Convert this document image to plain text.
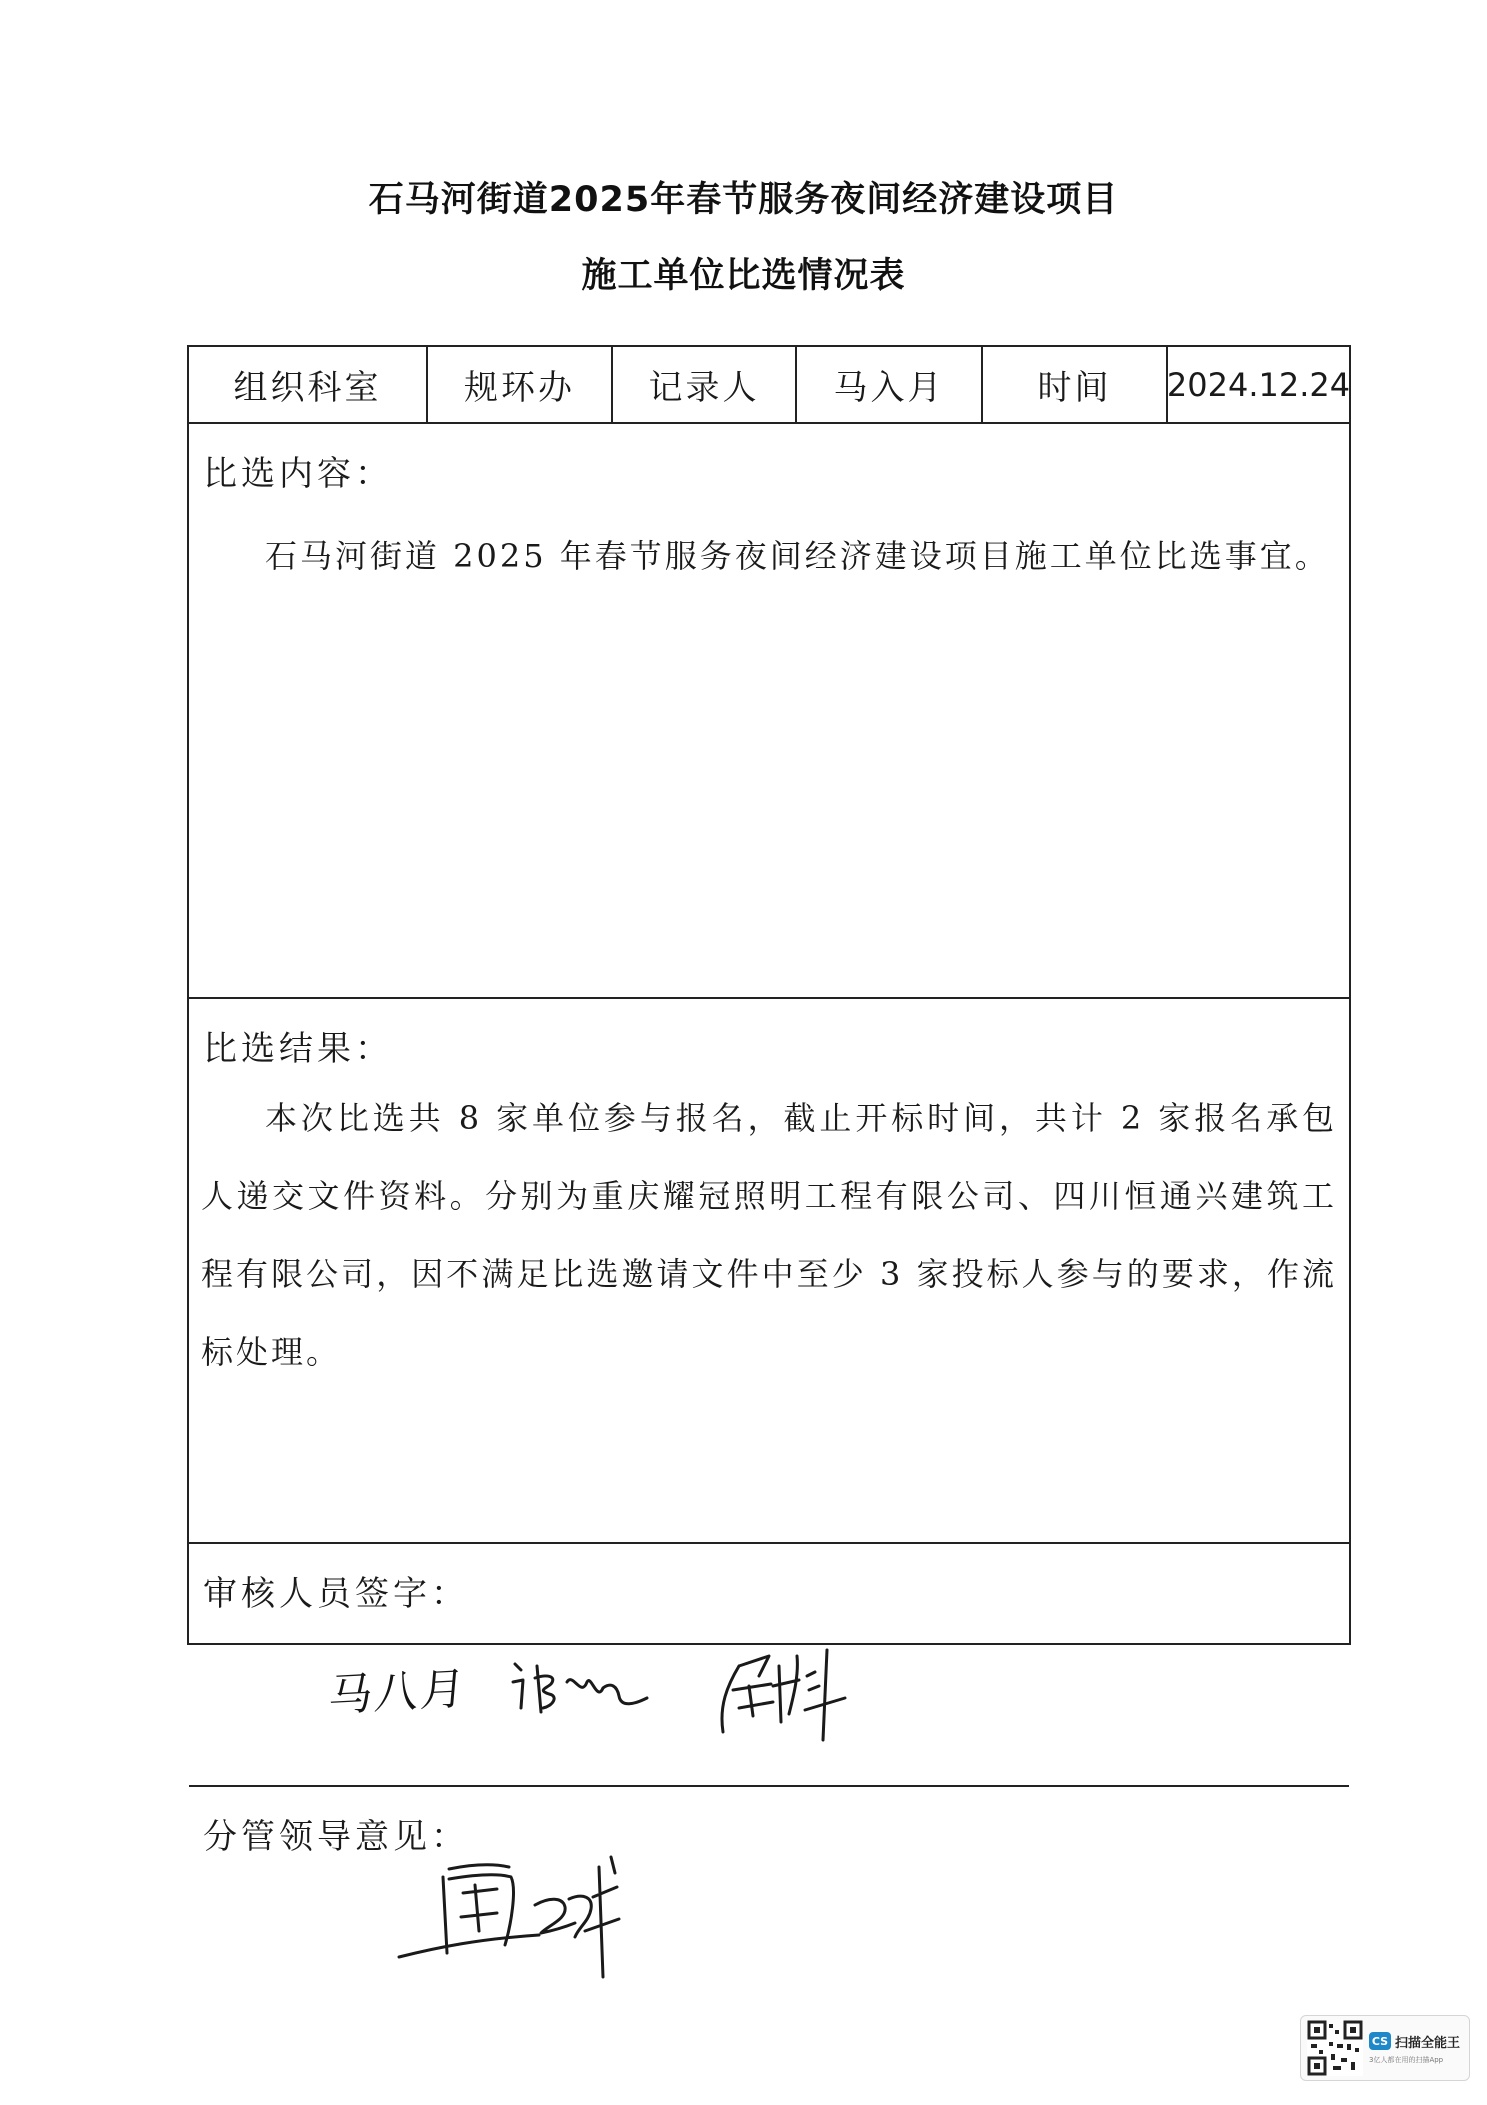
石马河街道2025年春节服务夜间经济建设项目
施工单位比选情况表
组织科室	规环办	记录人	马入月	时间	2024.12.24
比选内容：
石马河街道 2025 年春节服务夜间经济建设项目施工单位比选事宜。
比选结果：
本次比选共 8 家单位参与报名，截止开标时间，共计 2 家报名承包人递交文件资料。分别为重庆耀冠照明工程有限公司、四川恒通兴建筑工程有限公司，因不满足比选邀请文件中至少 3 家投标人参与的要求，作流标处理。
审核人员签字：
马八月
分管领导意见：
CS 扫描全能王
3亿人都在用的扫描App
